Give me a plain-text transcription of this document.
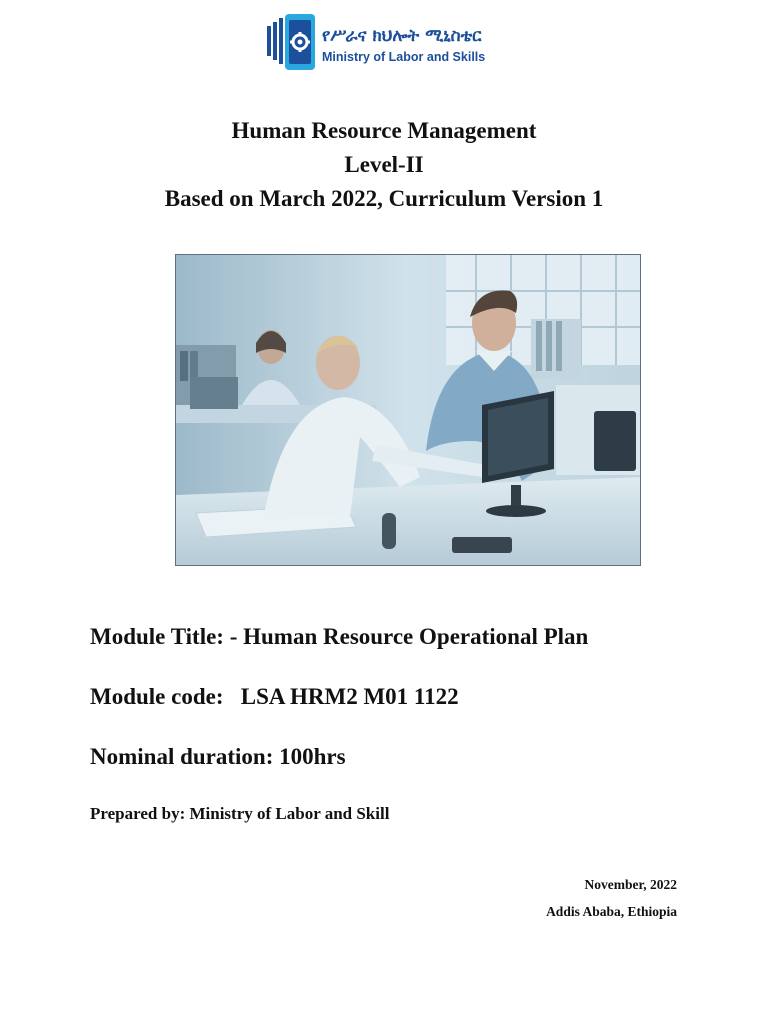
የሥራና ክህሎት ሚኒስቴር
Ministry of Labor and Skills
Human Resource Management
Level-II
Based on March 2022, Curriculum Version 1
Module Title: - Human Resource Operational Plan
Module code:   LSA HRM2 M01 1122
Nominal duration: 100hrs
Prepared by: Ministry of Labor and Skill
November, 2022
Addis Ababa, Ethiopia
